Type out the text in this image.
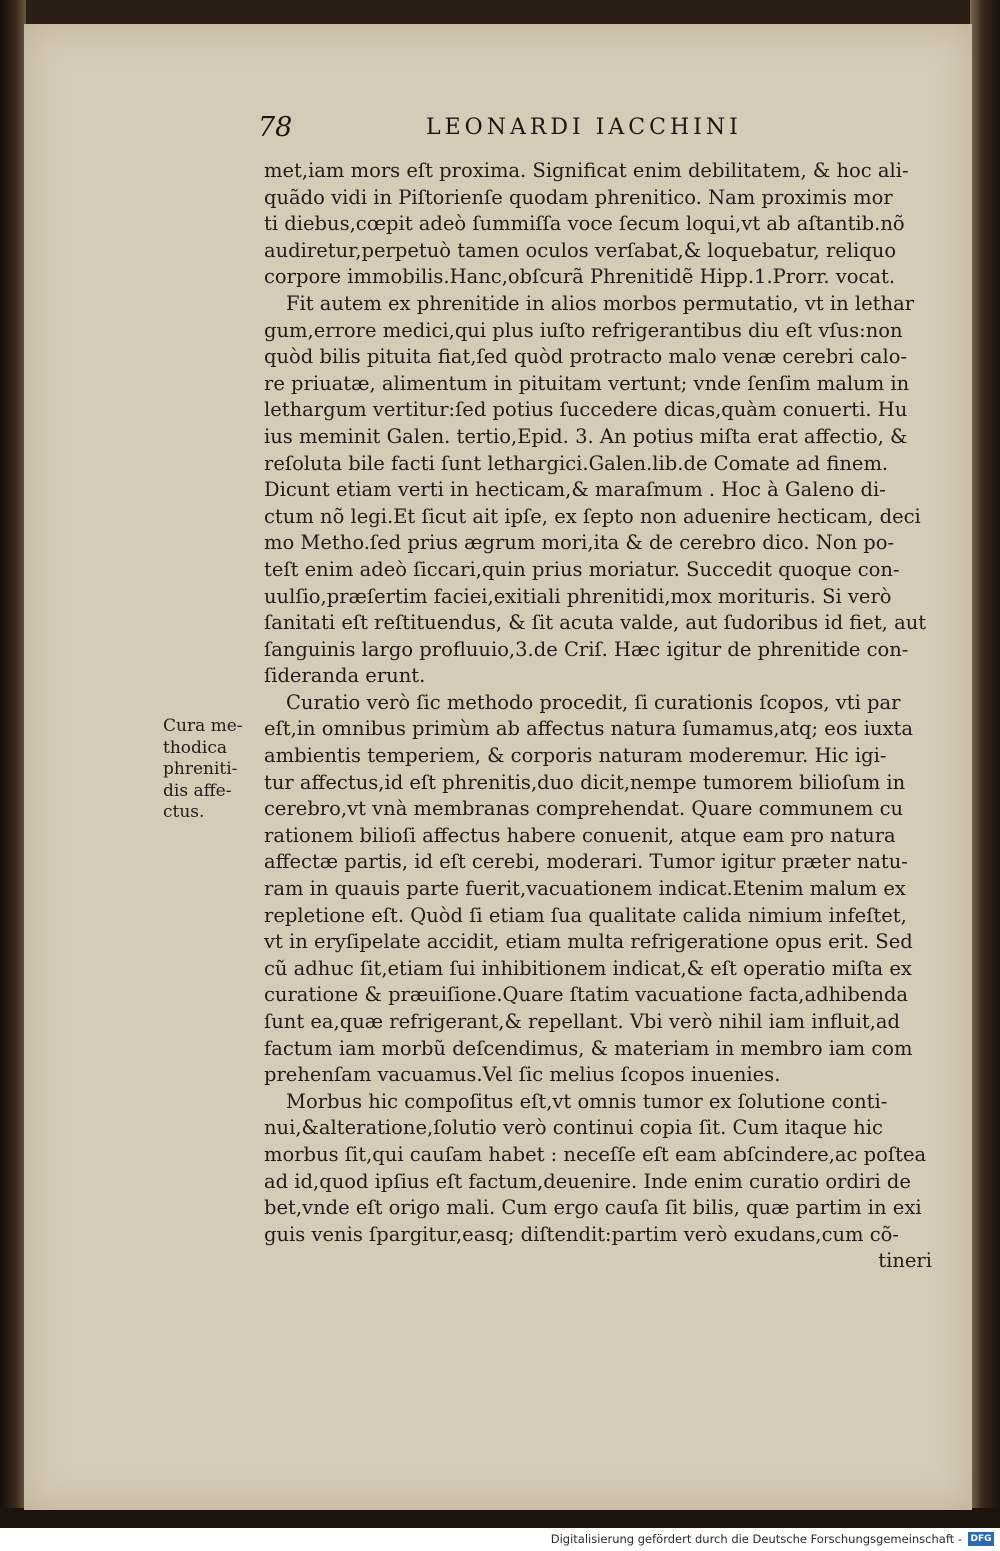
78	LEONARDI IACCHINI
met,iam mors eſt proxima. Significat enim debilitatem, & hoc ali-
quãdo vidi in Piſtorienſe quodam phrenitico. Nam proximis mor
ti diebus,cœpit adeò ſummiſſa voce ſecum loqui,vt ab aſtantib.nõ
audiretur,perpetuò tamen oculos verſabat,& loquebatur, reliquo
corpore immobilis.Hanc,obſcurã Phrenitidẽ Hipp.1.Prorr. vocat.
Fit autem ex phrenitide in alios morbos permutatio, vt in lethar
gum,errore medici,qui plus iuſto refrigerantibus diu eſt vſus:non
quòd bilis pituita fiat,ſed quòd protracto malo venæ cerebri calo-
re priuatæ, alimentum in pituitam vertunt; vnde ſenſim malum in
lethargum vertitur:ſed potius ſuccedere dicas,quàm conuerti. Hu
ius meminit Galen. tertio,Epid. 3. An potius miſta erat affectio, &
reſoluta bile facti ſunt lethargici.Galen.lib.de Comate ad finem.
Dicunt etiam verti in hecticam,& maraſmum . Hoc à Galeno di-
ctum nõ legi.Et ſicut ait ipſe, ex ſepto non aduenire hecticam, deci
mo Metho.ſed prius ægrum mori,ita & de cerebro dico. Non po-
teſt enim adeò ſiccari,quin prius moriatur. Succedit quoque con-
uulſio,præſertim faciei,exitiali phrenitidi,mox morituris. Si verò
ſanitati eſt reſtituendus, & ſit acuta valde, aut ſudoribus id fiet, aut
ſanguinis largo profluuio,3.de Criſ. Hæc igitur de phrenitide con-
ſideranda erunt.
Curatio verò ſic methodo procedit, ſi curationis ſcopos, vti par
eſt,in omnibus primùm ab affectus natura ſumamus,atq; eos iuxta
ambientis temperiem, & corporis naturam moderemur. Hic igi-
tur affectus,id eſt phrenitis,duo dicit,nempe tumorem bilioſum in
cerebro,vt vnà membranas comprehendat. Quare communem cu
rationem bilioſi affectus habere conuenit, atque eam pro natura
affectæ partis, id eſt cerebi, moderari. Tumor igitur præter natu-
ram in quauis parte fuerit,vacuationem indicat.Etenim malum ex
repletione eſt. Quòd ſi etiam ſua qualitate calida nimium infeſtet,
vt in eryſipelate accidit, etiam multa refrigeratione opus erit. Sed
cũ adhuc ſit,etiam ſui inhibitionem indicat,& eſt operatio miſta ex
curatione & præuiſione.Quare ſtatim vacuatione facta,adhibenda
ſunt ea,quæ refrigerant,& repellant. Vbi verò nihil iam influit,ad
factum iam morbũ deſcendimus, & materiam in membro iam com
prehenſam vacuamus.Vel ſic melius ſcopos inuenies.
Morbus hic compoſitus eſt,vt omnis tumor ex ſolutione conti-
nui,&alteratione,ſolutio verò continui copia ſit. Cum itaque hic
morbus ſit,qui cauſam habet : neceſſe eſt eam abſcindere,ac poſtea
ad id,quod ipſius eſt factum,deuenire. Inde enim curatio ordiri de
bet,vnde eſt origo mali. Cum ergo cauſa ſit bilis, quæ partim in exi
guis venis ſpargitur,easq; diſtendit:partim verò exudans,cum cõ-
tineri
Cura me-
thodica
phreniti-
dis affe-
ctus.
Digitalisierung gefördert durch die Deutsche Forschungsgemeinschaft - DFG
